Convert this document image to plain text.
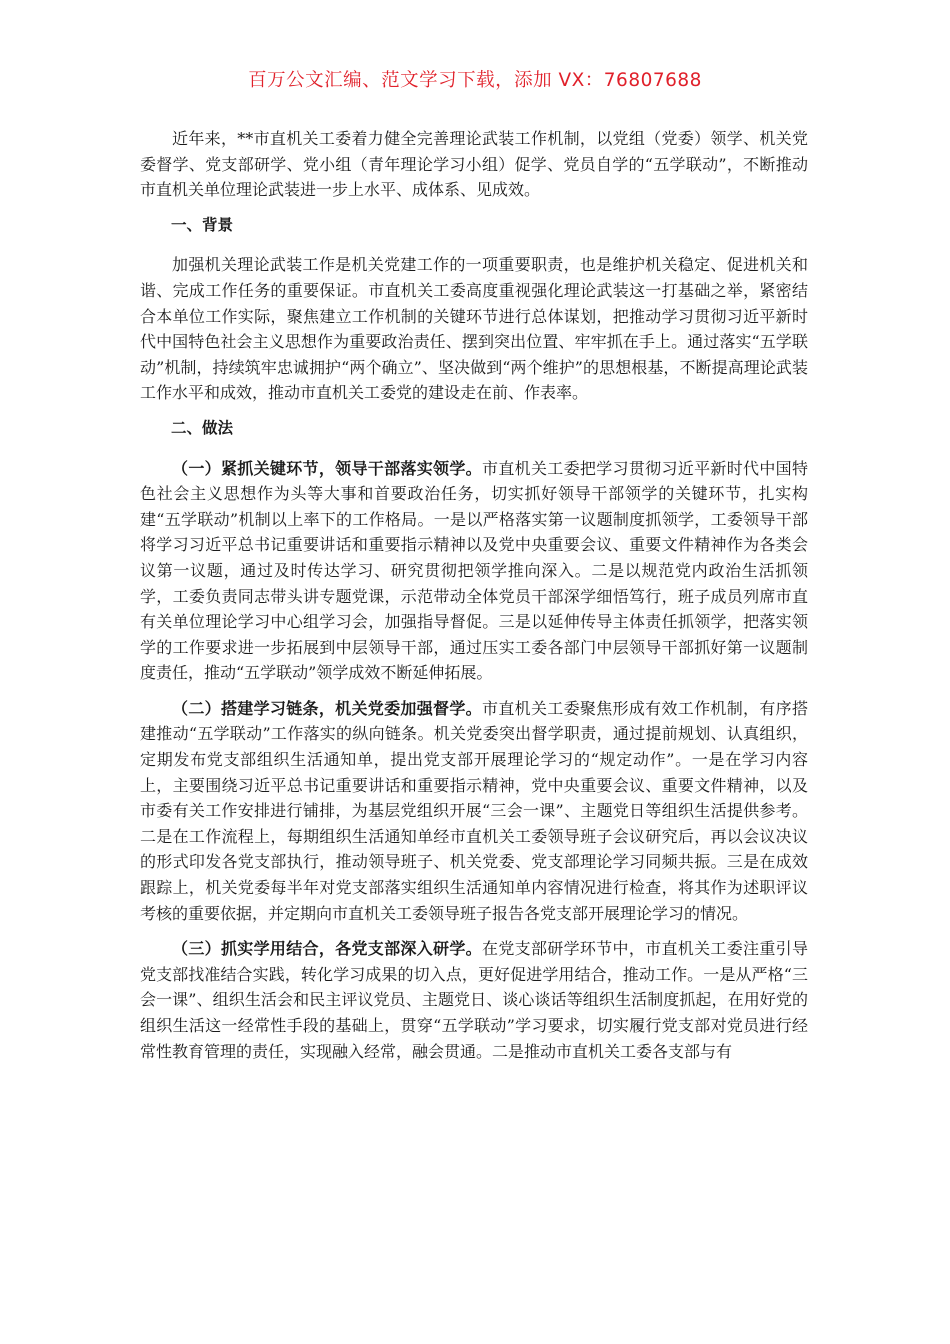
百万公文汇编、范文学习下载，添加 VX：76807688

近年来，**市直机关工委着力健全完善理论武装工作机制，以党组（党委）领学、机关党委督学、党支部研学、党小组（青年理论学习小组）促学、党员自学的“五学联动”，不断推动市直机关单位理论武装进一步上水平、成体系、见成效。

一、背景

加强机关理论武装工作是机关党建工作的一项重要职责，也是维护机关稳定、促进机关和谐、完成工作任务的重要保证。市直机关工委高度重视强化理论武装这一打基础之举，紧密结合本单位工作实际，聚焦建立工作机制的关键环节进行总体谋划，把推动学习贯彻习近平新时代中国特色社会主义思想作为重要政治责任、摆到突出位置、牢牢抓在手上。通过落实“五学联动”机制，持续筑牢忠诚拥护“两个确立”、坚决做到“两个维护”的思想根基，不断提高理论武装工作水平和成效，推动市直机关工委党的建设走在前、作表率。

二、做法

（一）紧抓关键环节，领导干部落实领学。市直机关工委把学习贯彻习近平新时代中国特色社会主义思想作为头等大事和首要政治任务，切实抓好领导干部领学的关键环节，扎实构建“五学联动”机制以上率下的工作格局。一是以严格落实第一议题制度抓领学，工委领导干部将学习习近平总书记重要讲话和重要指示精神以及党中央重要会议、重要文件精神作为各类会议第一议题，通过及时传达学习、研究贯彻把领学推向深入。二是以规范党内政治生活抓领学，工委负责同志带头讲专题党课，示范带动全体党员干部深学细悟笃行，班子成员列席市直有关单位理论学习中心组学习会，加强指导督促。三是以延伸传导主体责任抓领学，把落实领学的工作要求进一步拓展到中层领导干部，通过压实工委各部门中层领导干部抓好第一议题制度责任，推动“五学联动”领学成效不断延伸拓展。

（二）搭建学习链条，机关党委加强督学。市直机关工委聚焦形成有效工作机制，有序搭建推动“五学联动”工作落实的纵向链条。机关党委突出督学职责，通过提前规划、认真组织，定期发布党支部组织生活通知单，提出党支部开展理论学习的“规定动作”。一是在学习内容上，主要围绕习近平总书记重要讲话和重要指示精神，党中央重要会议、重要文件精神，以及市委有关工作安排进行铺排，为基层党组织开展“三会一课”、主题党日等组织生活提供参考。二是在工作流程上，每期组织生活通知单经市直机关工委领导班子会议研究后，再以会议决议的形式印发各党支部执行，推动领导班子、机关党委、党支部理论学习同频共振。三是在成效跟踪上，机关党委每半年对党支部落实组织生活通知单内容情况进行检查，将其作为述职评议考核的重要依据，并定期向市直机关工委领导班子报告各党支部开展理论学习的情况。

（三）抓实学用结合，各党支部深入研学。在党支部研学环节中，市直机关工委注重引导党支部找准结合实践，转化学习成果的切入点，更好促进学用结合，推动工作。一是从严格“三会一课”、组织生活会和民主评议党员、主题党日、谈心谈话等组织生活制度抓起，在用好党的组织生活这一经常性手段的基础上，贯穿“五学联动”学习要求，切实履行党支部对党员进行经常性教育管理的责任，实现融入经常，融会贯通。二是推动市直机关工委各支部与有
